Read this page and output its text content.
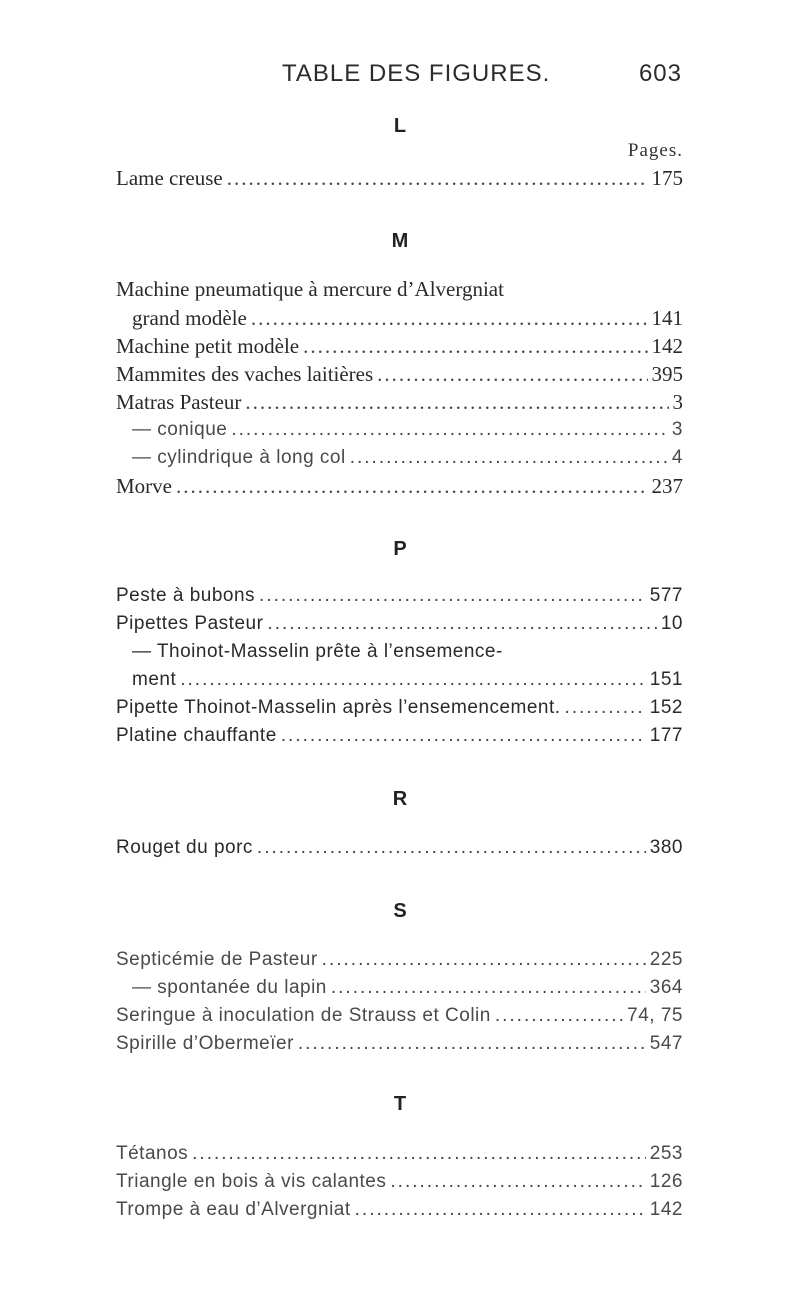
TABLE DES FIGURES.	603
L
Pages.
Lame creuse .....	175
M
Machine pneumatique à mercure d’Alvergniat
grand modèle .....	141
Machine petit modèle .....	142
Mammites des vaches laitières .....	395
Matras Pasteur .....	3
— conique .....	3
— cylindrique à long col .....	4
Morve .....	237
P
Peste à bubons .....	577
Pipettes Pasteur .....	10
— Thoinot-Masselin prête à l’ensemence-
ment .....	151
Pipette Thoinot-Masselin après l’ensemencement. .....	152
Platine chauffante .....	177
R
Rouget du porc .....	380
S
Septicémie de Pasteur .....	225
— spontanée du lapin .....	364
Seringue à inoculation de Strauss et Colin .....	74, 75
Spirille d’Obermeïer .....	547
T
Tétanos .....	253
Triangle en bois à vis calantes .....	126
Trompe à eau d’Alvergniat .....	142
